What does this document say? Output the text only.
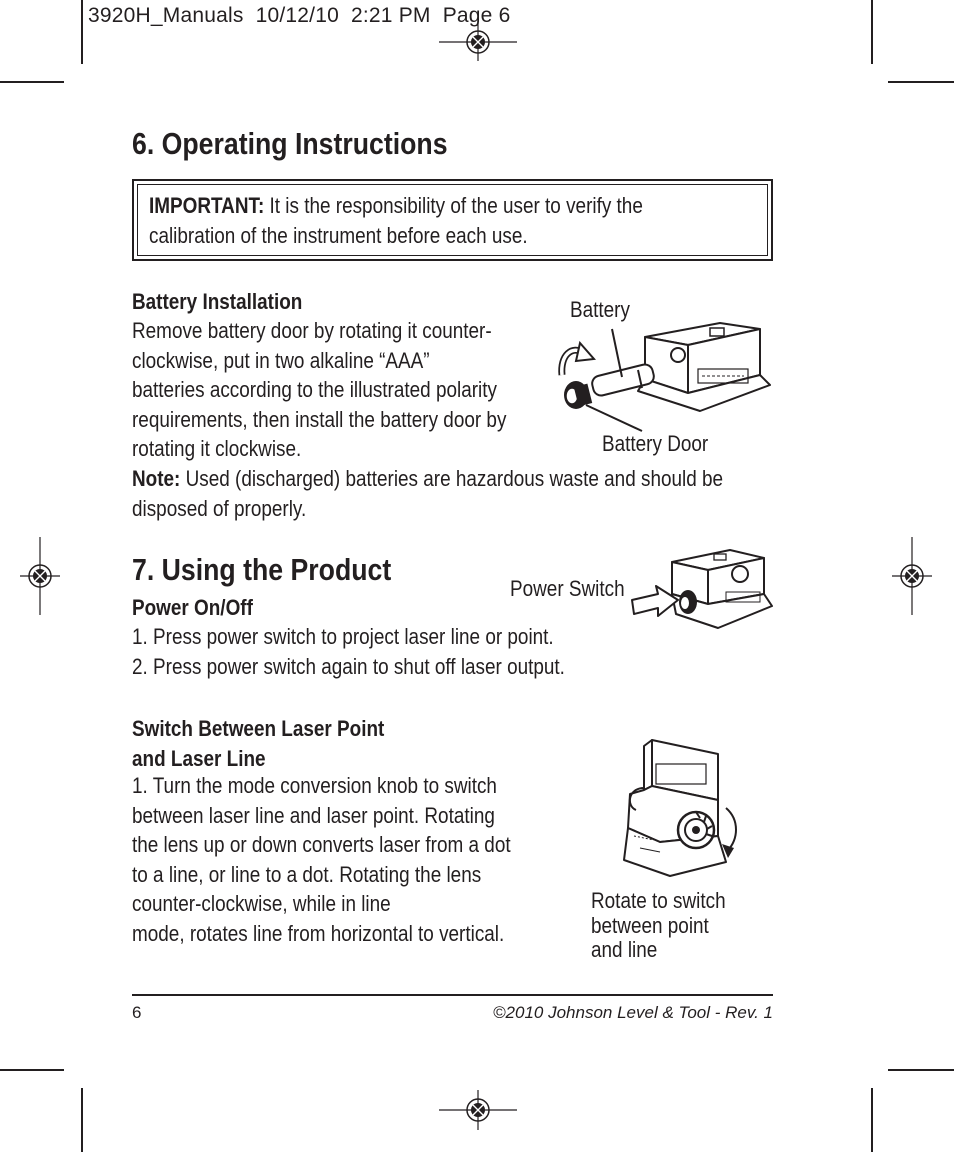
3920H_Manuals  10/12/10  2:21 PM  Page 6
6. Operating Instructions
IMPORTANT: It is the responsibility of the user to verify the
calibration of the instrument before each use.
Battery Installation
Remove battery door by rotating it counter-
clockwise, put in two alkaline “AAA”
batteries according to the illustrated polarity
requirements, then install the battery door by
rotating it clockwise.
Battery
Battery Door
Note: Used (discharged) batteries are hazardous waste and should be
disposed of properly.
7. Using the Product
Power Switch
Power On/Off
1. Press power switch to project laser line or point.
2. Press power switch again to shut off laser output.
Switch Between Laser Point
and Laser Line
1. Turn the mode conversion knob to switch
between laser line and laser point. Rotating
the lens up or down converts laser from a dot
to a line, or line to a dot. Rotating the lens
counter-clockwise, while in line
mode, rotates line from horizontal to vertical.
Rotate to switch
between point
and line
6	©2010 Johnson Level & Tool - Rev. 1
